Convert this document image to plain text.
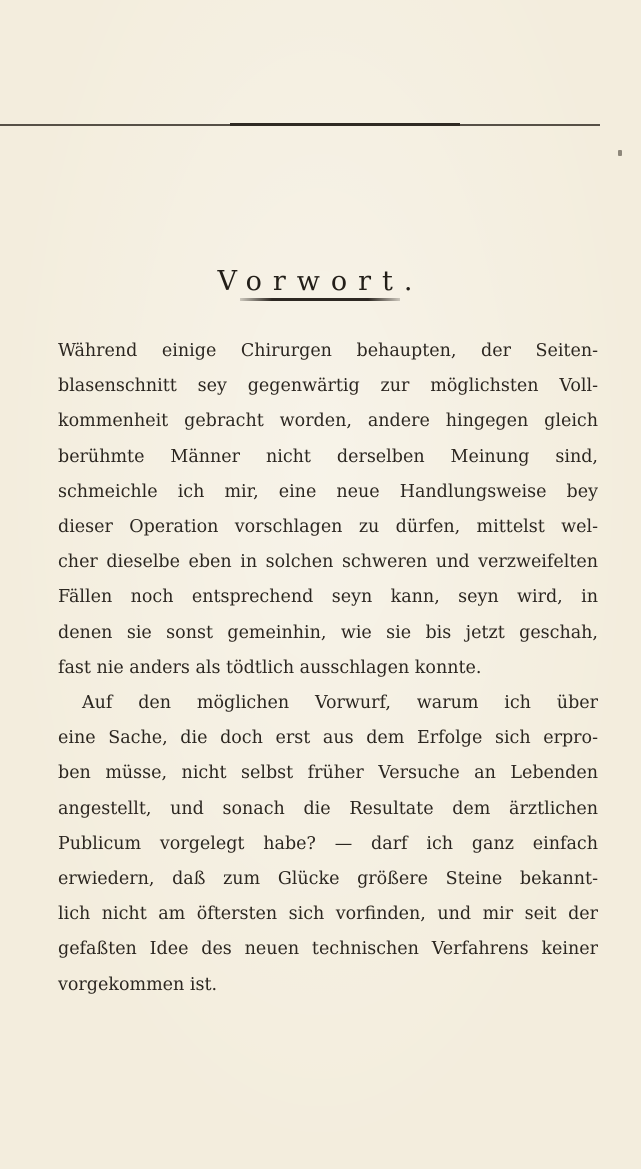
Vorwort.
Während einige Chirurgen behaupten, der Seiten-
blasenschnitt sey gegenwärtig zur möglichsten Voll-
kommenheit gebracht worden, andere hingegen gleich
berühmte Männer nicht derselben Meinung sind,
schmeichle ich mir, eine neue Handlungsweise bey
dieser Operation vorschlagen zu dürfen, mittelst wel-
cher dieselbe eben in solchen schweren und verzweifelten
Fällen noch entsprechend seyn kann, seyn wird, in
denen sie sonst gemeinhin, wie sie bis jetzt geschah,
fast nie anders als tödtlich ausschlagen konnte.
Auf den möglichen Vorwurf, warum ich über
eine Sache, die doch erst aus dem Erfolge sich erpro-
ben müsse, nicht selbst früher Versuche an Lebenden
angestellt, und sonach die Resultate dem ärztlichen
Publicum vorgelegt habe? — darf ich ganz einfach
erwiedern, daß zum Glücke größere Steine bekannt-
lich nicht am öftersten sich vorfinden, und mir seit der
gefaßten Idee des neuen technischen Verfahrens keiner
vorgekommen ist.
